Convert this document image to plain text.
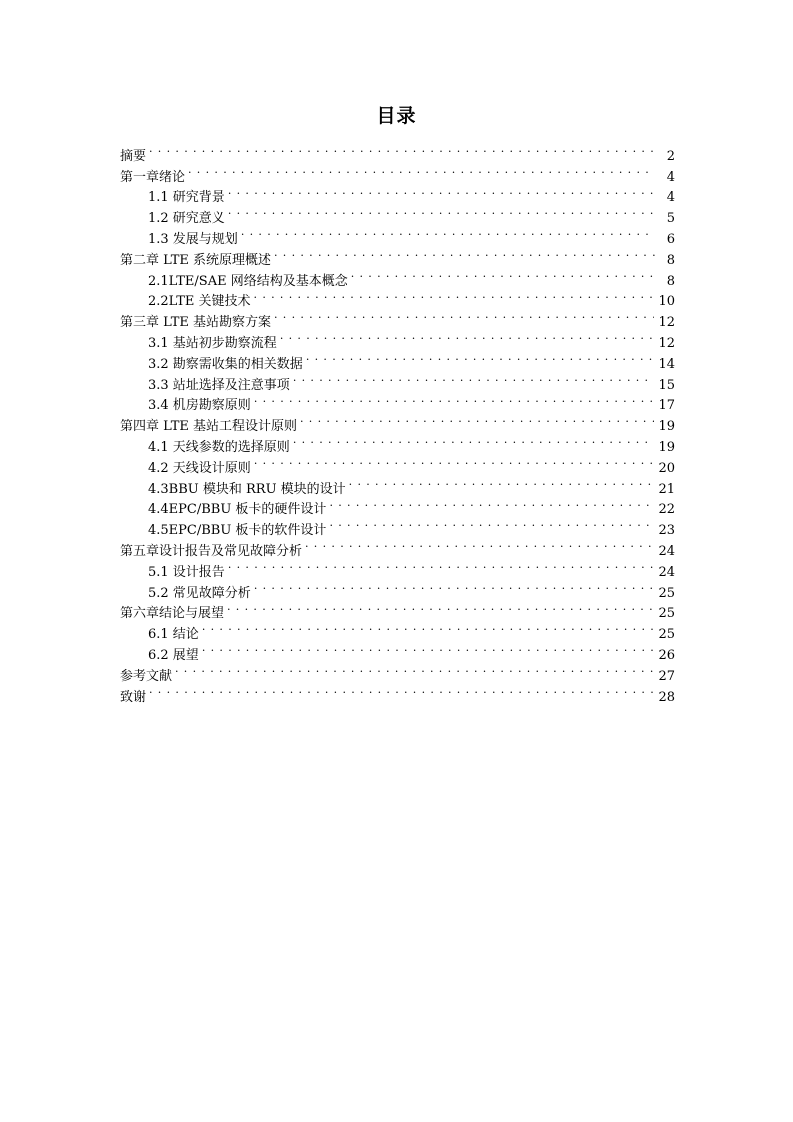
目录
摘要 . . .	2
第一章绪论 . . .	4
1.1 研究背景 . . .	4
1.2 研究意义 . . .	5
1.3 发展与规划 . . .	6
第二章 LTE 系统原理概述 . . .	8
2.1LTE/SAE 网络结构及基本概念 . . .	8
2.2LTE 关键技术 . . .	10
第三章 LTE 基站勘察方案 . . .	12
3.1 基站初步勘察流程 . . .	12
3.2 勘察需收集的相关数据 . . .	14
3.3 站址选择及注意事项 . . .	15
3.4 机房勘察原则 . . .	17
第四章 LTE 基站工程设计原则 . . .	19
4.1 天线参数的选择原则 . . .	19
4.2 天线设计原则 . . .	20
4.3BBU 模块和 RRU 模块的设计 . . .	21
4.4EPC/BBU 板卡的硬件设计 . . .	22
4.5EPC/BBU 板卡的软件设计 . . .	23
第五章设计报告及常见故障分析 . . .	24
5.1 设计报告 . . .	24
5.2 常见故障分析 . . .	25
第六章结论与展望 . . .	25
6.1 结论 . . .	25
6.2 展望 . . .	26
参考文献 . . .	27
致谢 . . .	28
